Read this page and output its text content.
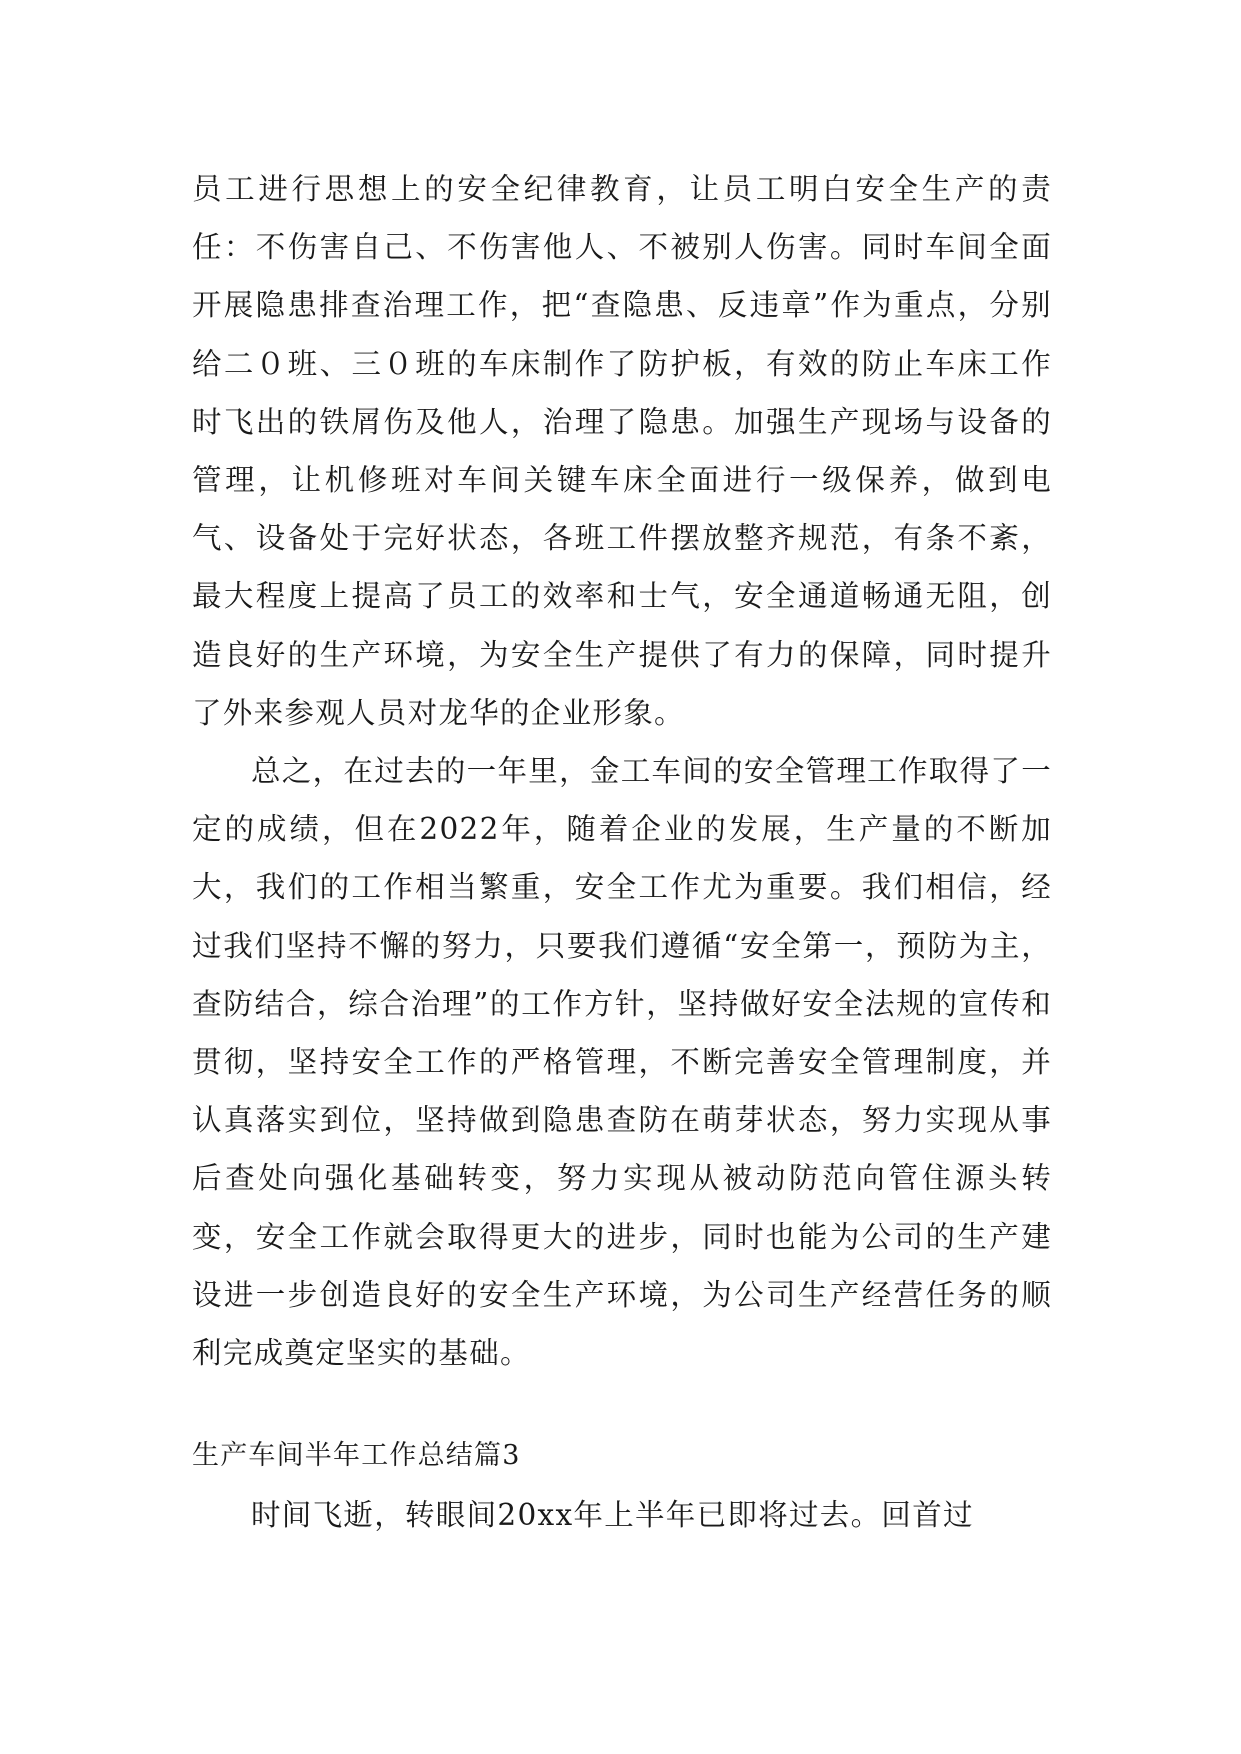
员工进行思想上的安全纪律教育，让员工明白安全生产的责任：不伤害自己、不伤害他人、不被别人伤害。同时车间全面开展隐患排查治理工作，把“查隐患、反违章”作为重点，分别给二０班、三０班的车床制作了防护板，有效的防止车床工作时飞出的铁屑伤及他人，治理了隐患。加强生产现场与设备的管理，让机修班对车间关键车床全面进行一级保养，做到电气、设备处于完好状态，各班工件摆放整齐规范，有条不紊，最大程度上提高了员工的效率和士气，安全通道畅通无阻，创造良好的生产环境，为安全生产提供了有力的保障，同时提升了外来参观人员对龙华的企业形象。

总之，在过去的一年里，金工车间的安全管理工作取得了一定的成绩，但在2022年，随着企业的发展，生产量的不断加大，我们的工作相当繁重，安全工作尤为重要。我们相信，经过我们坚持不懈的努力，只要我们遵循“安全第一，预防为主，查防结合，综合治理”的工作方针，坚持做好安全法规的宣传和贯彻，坚持安全工作的严格管理，不断完善安全管理制度，并认真落实到位，坚持做到隐患查防在萌芽状态，努力实现从事后查处向强化基础转变，努力实现从被动防范向管住源头转变，安全工作就会取得更大的进步，同时也能为公司的生产建设进一步创造良好的安全生产环境，为公司生产经营任务的顺利完成奠定坚实的基础。

生产车间半年工作总结篇3

时间飞逝，转眼间20xx年上半年已即将过去。回首过
